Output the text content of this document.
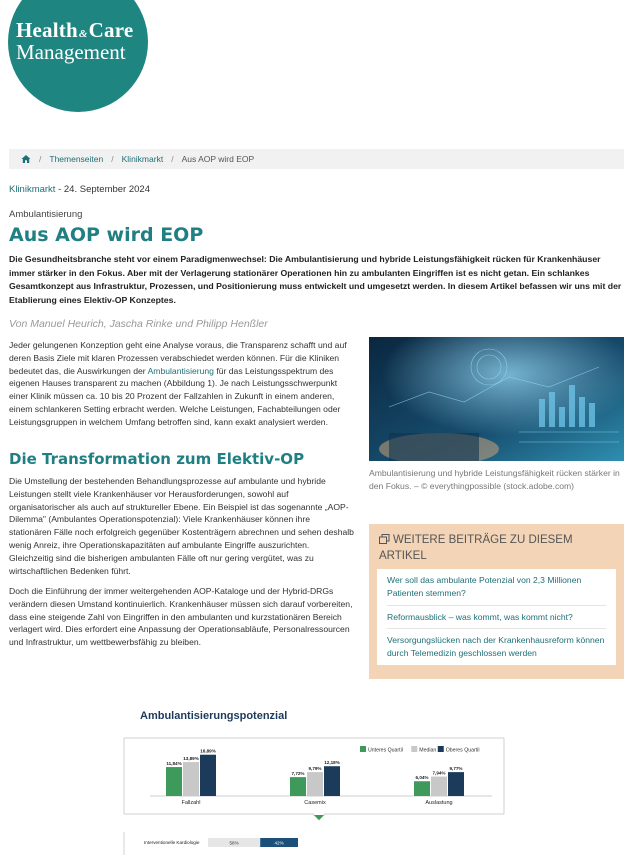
Health&Care
Management
/ Themenseiten / Klinikmarkt / Aus AOP wird EOP
Klinikmarkt - 24. September 2024
Ambulantisierung
Aus AOP wird EOP

Die Gesundheitsbranche steht vor einem Paradigmenwechsel: Die Ambulantisierung und hybride Leistungsfähigkeit rücken für Krankenhäuser immer stärker in den Fokus. Aber mit der Verlagerung stationärer Operationen hin zu ambulanten Eingriffen ist es nicht getan. Ein schlankes Gesamtkonzept aus Infrastruktur, Prozessen, und Positionierung muss entwickelt und umgesetzt werden. In diesem Artikel befassen wir uns mit der Etablierung eines Elektiv-OP Konzeptes.

Von Manuel Heurich, Jascha Rinke und Philipp Henßler

Jeder gelungenen Konzeption geht eine Analyse voraus, die Transparenz schafft und auf deren Basis Ziele mit klaren Prozessen verabschiedet werden können. Für die Kliniken bedeutet das, die Auswirkungen der Ambulantisierung für das Leistungsspektrum des eigenen Hauses transparent zu machen (Abbildung 1). Je nach Leistungsschwerpunkt einer Klinik müssen ca. 10 bis 20 Prozent der Fallzahlen in Zukunft in einem anderen, einem schlankeren Setting erbracht werden. Welche Leistungen, Fachabteilungen oder Leistungsgruppen in welchem Umfang betroffen sind, kann exakt analysiert werden.

Die Transformation zum Elektiv-OP

Die Umstellung der bestehenden Behandlungsprozesse auf ambulante und hybride Leistungen stellt viele Krankenhäuser vor Herausforderungen, sowohl auf organisatorischer als auch auf struktureller Ebene. Ein Beispiel ist das sogenannte „AOP-Dilemma" (Ambulantes Operationspotenzial): Viele Krankenhäuser können ihre stationären Fälle noch erfolgreich gegenüber Kostenträgern abrechnen und sehen deshalb wenig Anreiz, ihre Operationskapazitäten auf ambulante Eingriffe auszurichten. Gleichzeitig sind die bisherigen ambulanten Fälle oft nur gering vergütet, was zu wirtschaftlichen Bedenken führt.

Doch die Einführung der immer weitergehenden AOP-Kataloge und der Hybrid-DRGs verändern diesen Umstand kontinuierlich. Krankenhäuser müssen sich darauf vorbereiten, dass eine steigende Zahl von Eingriffen in den ambulanten und kurzstationären Bereich verlagert wird. Dies erfordert eine Anpassung der Operationsabläufe, Personalressourcen und Infrastruktur, um wettbewerbsfähig zu bleiben.

Ambulantisierung und hybride Leistungsfähigkeit rücken stärker in den Fokus. – © everythingpossible (stock.adobe.com)

WEITERE BEITRÄGE ZU DIESEM ARTIKEL
Wer soll das ambulante Potenzial von 2,3 Millionen Patienten stemmen?
Reformausblick – was kommt, was kommt nicht?
Versorgungslücken nach der Krankenhausreform können durch Telemedizin geschlossen werden
Ambulantisierungspotenzial
Unteres Quartil	Median Oberes Quartil
11,84%
13,89%
16,89%
Fallzahl
7,72%
9,79%
12,18%
Casemix
6,04%
7,94%
9,77%
Auslastung
Interventionelle Kardiologie	58%	42%
